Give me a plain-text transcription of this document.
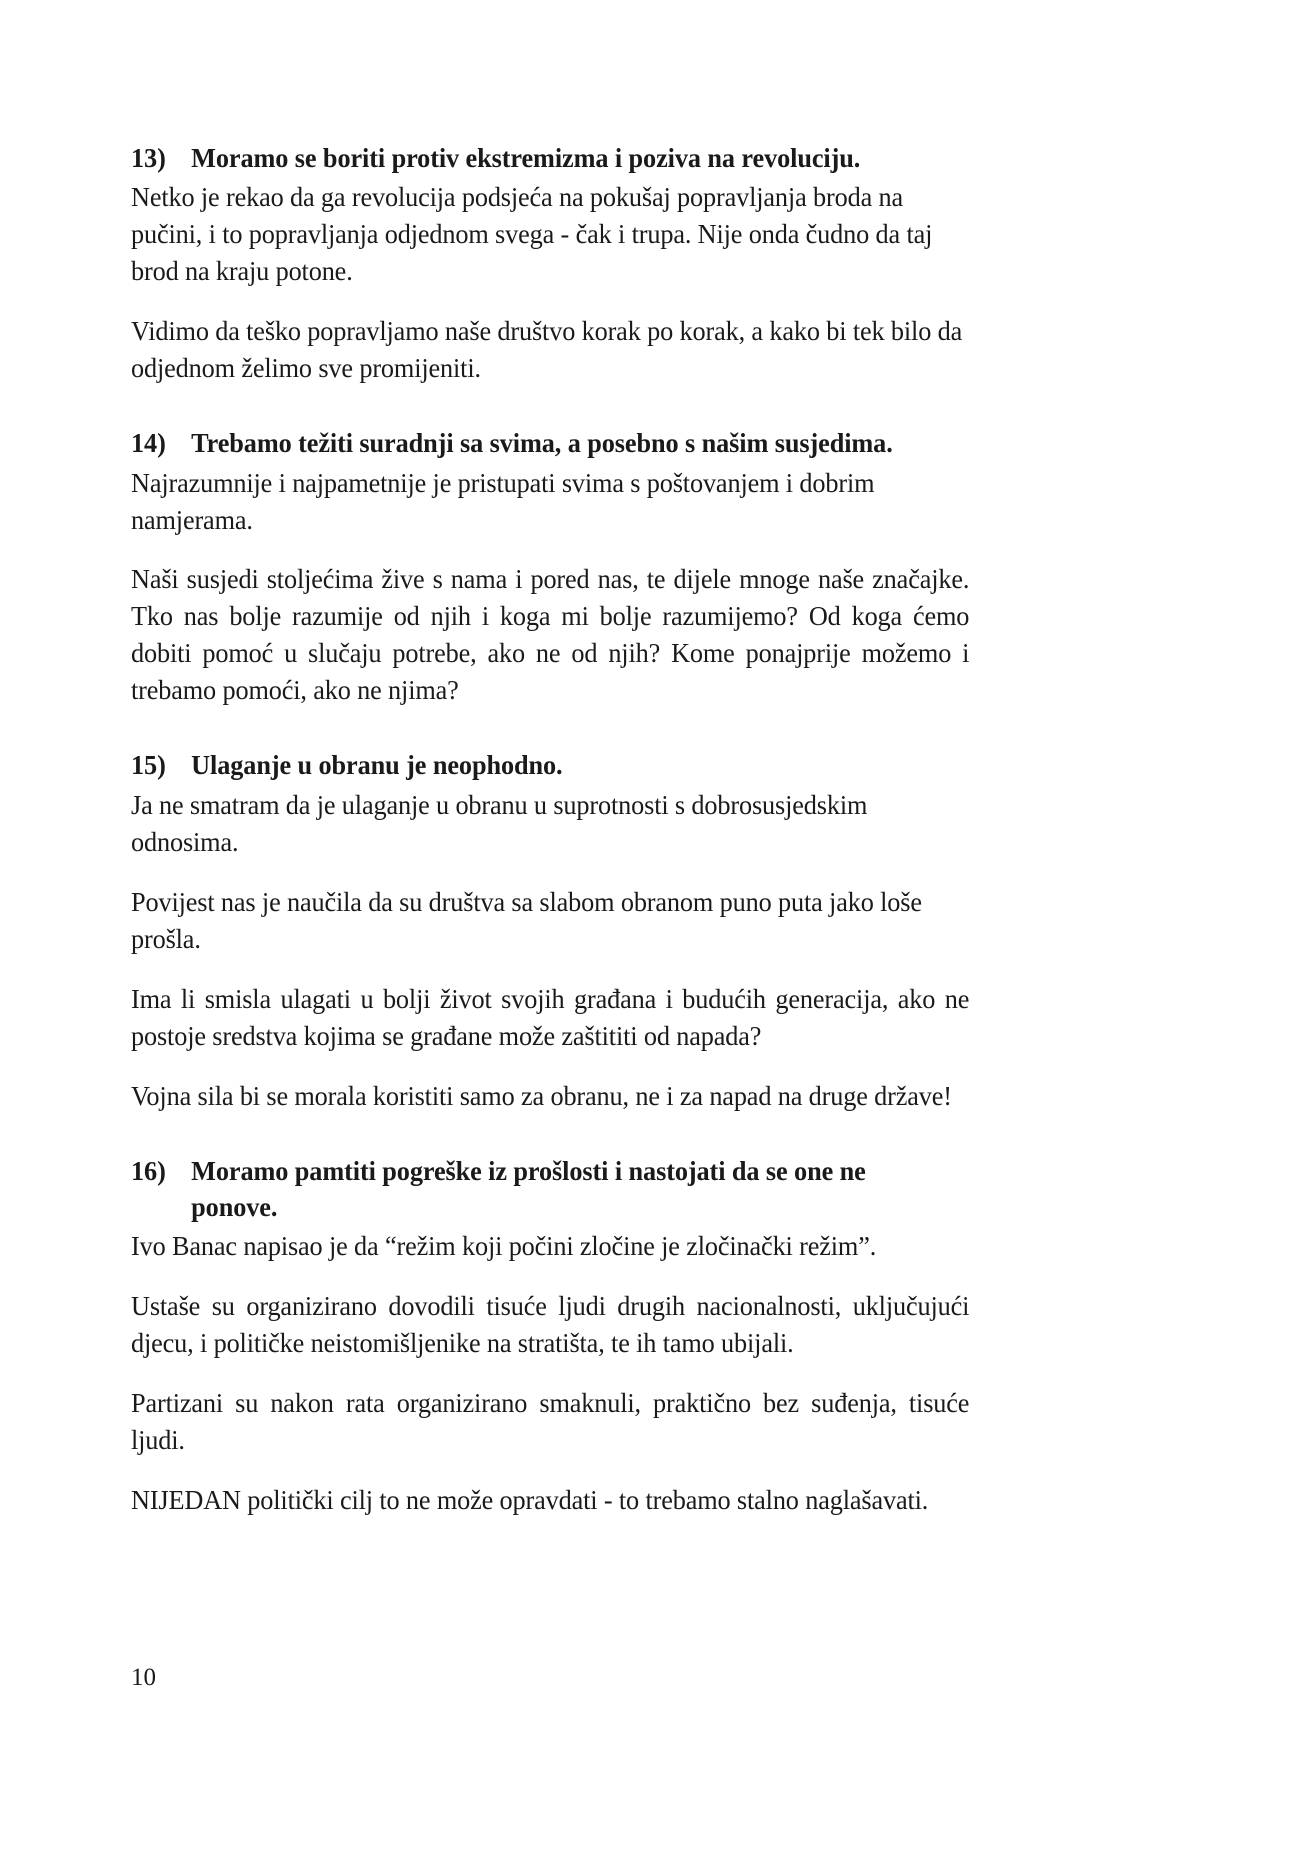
13) Moramo se boriti protiv ekstremizma i poziva na revoluciju.

Netko je rekao da ga revolucija podsjeća na pokušaj popravljanja broda na pučini, i to popravljanja odjednom svega - čak i trupa. Nije onda čudno da taj brod na kraju potone.

Vidimo da teško popravljamo naše društvo korak po korak, a kako bi tek bilo da odjednom želimo sve promijeniti.

14) Trebamo težiti suradnji sa svima, a posebno s našim susjedima.

Najrazumnije i najpametnije je pristupati svima s poštovanjem i dobrim namjerama.

Naši susjedi stoljećima žive s nama i pored nas, te dijele mnoge naše značajke. Tko nas bolje razumije od njih i koga mi bolje razumijemo? Od koga ćemo dobiti pomoć u slučaju potrebe, ako ne od njih? Kome ponajprije možemo i trebamo pomoći, ako ne njima?

15) Ulaganje u obranu je neophodno.

Ja ne smatram da je ulaganje u obranu u suprotnosti s dobrosusjedskim odnosima.

Povijest nas je naučila da su društva sa slabom obranom puno puta jako loše prošla.

Ima li smisla ulagati u bolji život svojih građana i budućih generacija, ako ne postoje sredstva kojima se građane može zaštititi od napada?

Vojna sila bi se morala koristiti samo za obranu, ne i za napad na druge države!

16) Moramo pamtiti pogreške iz prošlosti i nastojati da se one ne ponove.

Ivo Banac napisao je da “režim koji počini zločine je zločinački režim”.

Ustaše su organizirano dovodili tisuće ljudi drugih nacionalnosti, uključujući djecu, i političke neistomišljenike na stratišta, te ih tamo ubijali.

Partizani su nakon rata organizirano smaknuli, praktično bez suđenja, tisuće ljudi.

NIJEDAN politički cilj to ne može opravdati - to trebamo stalno naglašavati.

10
